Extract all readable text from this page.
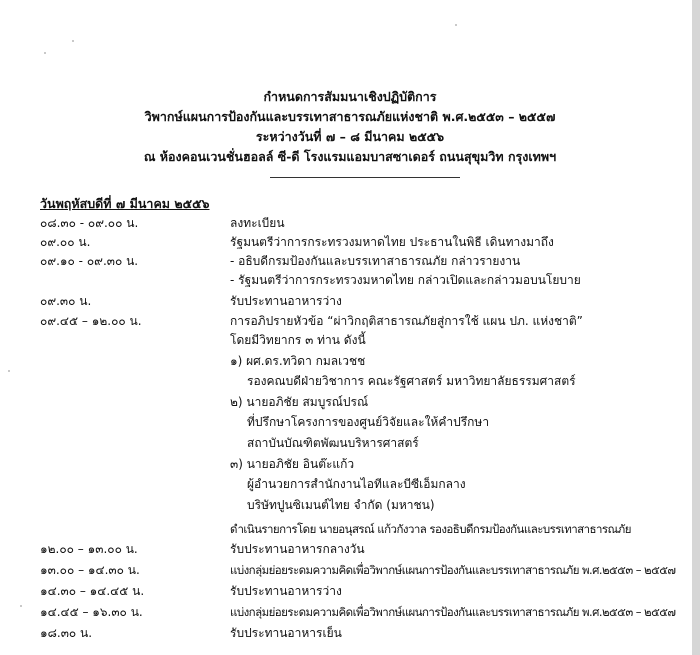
กำหนดการสัมมนาเชิงปฏิบัติการ
วิพากษ์แผนการป้องกันและบรรเทาสาธารณภัยแห่งชาติ พ.ศ.๒๕๕๓ – ๒๕๕๗
ระหว่างวันที่ ๗ – ๘ มีนาคม ๒๕๕๖
ณ ห้องคอนเวนชั่นฮอลล์ ซี-ดี โรงแรมแอมบาสซาเดอร์ ถนนสุขุมวิท กรุงเทพฯ
วันพฤหัสบดีที่ ๗ มีนาคม ๒๕๕๖
๐๘.๓๐ - ๐๙.๐๐ น.	ลงทะเบียน
๐๙.๐๐ น.	รัฐมนตรีว่าการกระทรวงมหาดไทย ประธานในพิธี เดินทางมาถึง
๐๙.๑๐ - ๐๙.๓๐ น.	- อธิบดีกรมป้องกันและบรรเทาสาธารณภัย กล่าวรายงาน
- รัฐมนตรีว่าการกระทรวงมหาดไทย กล่าวเปิดและกล่าวมอบนโยบาย
๐๙.๓๐ น.	รับประทานอาหารว่าง
๐๙.๔๕ – ๑๒.๐๐ น.	การอภิปรายหัวข้อ “ผ่าวิกฤติสาธารณภัยสู่การใช้ แผน ปภ. แห่งชาติ”
โดยมีวิทยากร ๓ ท่าน ดังนี้
๑) ผศ.ดร.ทวิดา กมลเวชช
รองคณบดีฝ่ายวิชาการ คณะรัฐศาสตร์ มหาวิทยาลัยธรรมศาสตร์
๒) นายอภิชัย สมบูรณ์ปรณ์
ที่ปรึกษาโครงการของศูนย์วิจัยและให้คำปรึกษา
สถาบันบัณฑิตพัฒนบริหารศาสตร์
๓) นายอภิชัย อินต๊ะแก้ว
ผู้อำนวยการสำนักงานไอทีและบีซีเอ็มกลาง
บริษัทปูนซิเมนต์ไทย จำกัด (มหาชน)
ดำเนินรายการโดย นายอนุสรณ์ แก้วกังวาล รองอธิบดีกรมป้องกันและบรรเทาสาธารณภัย
๑๒.๐๐ – ๑๓.๐๐ น.	รับประทานอาหารกลางวัน
๑๓.๐๐ – ๑๔.๓๐ น.	แบ่งกลุ่มย่อยระดมความคิดเพื่อวิพากษ์แผนการป้องกันและบรรเทาสาธารณภัย พ.ศ.๒๕๕๓ – ๒๕๕๗
๑๔.๓๐ – ๑๔.๔๕ น.	รับประทานอาหารว่าง
๑๔.๔๕ – ๑๖.๓๐ น.	แบ่งกลุ่มย่อยระดมความคิดเพื่อวิพากษ์แผนการป้องกันและบรรเทาสาธารณภัย พ.ศ.๒๕๕๓ – ๒๕๕๗
๑๘.๓๐ น.	รับประทานอาหารเย็น
